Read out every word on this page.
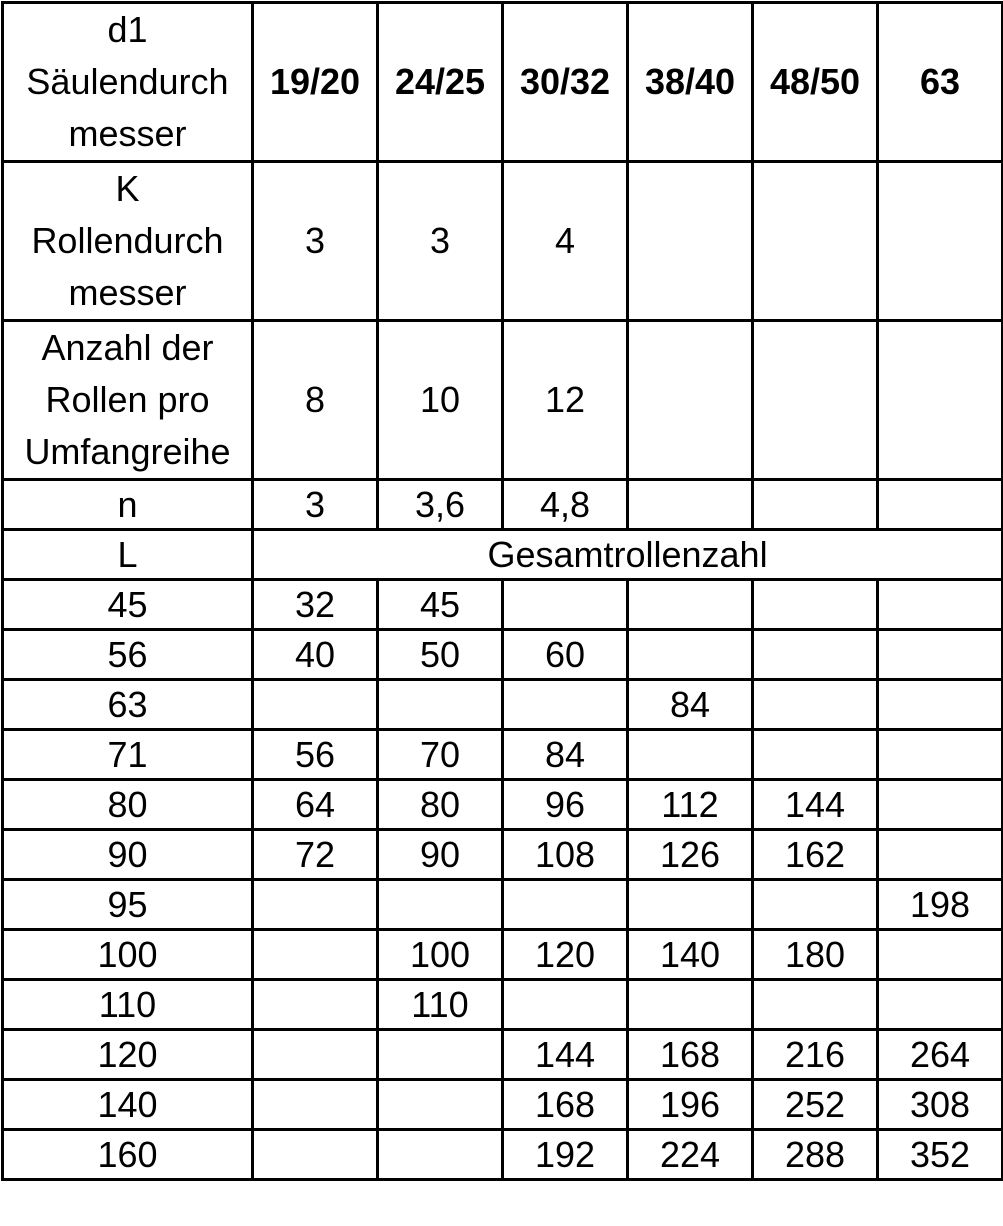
d1
Säulendurch
messer	19/20	24/25	30/32	38/40	48/50	63

K
Rollendurch
messer	3	3	4			

Anzahl der
Rollen pro
Umfangreihe	8	10	12			
n	3	3,6	4,8			
L	Gesamtrollenzahl					
45	32	45				
56	40	50	60			
63				84		
71	56	70	84			
80	64	80	96	112	144	
90	72	90	108	126	162	
95						198
100		100	120	140	180	
110		110				
120			144	168	216	264
140			168	196	252	308
160			192	224	288	352
